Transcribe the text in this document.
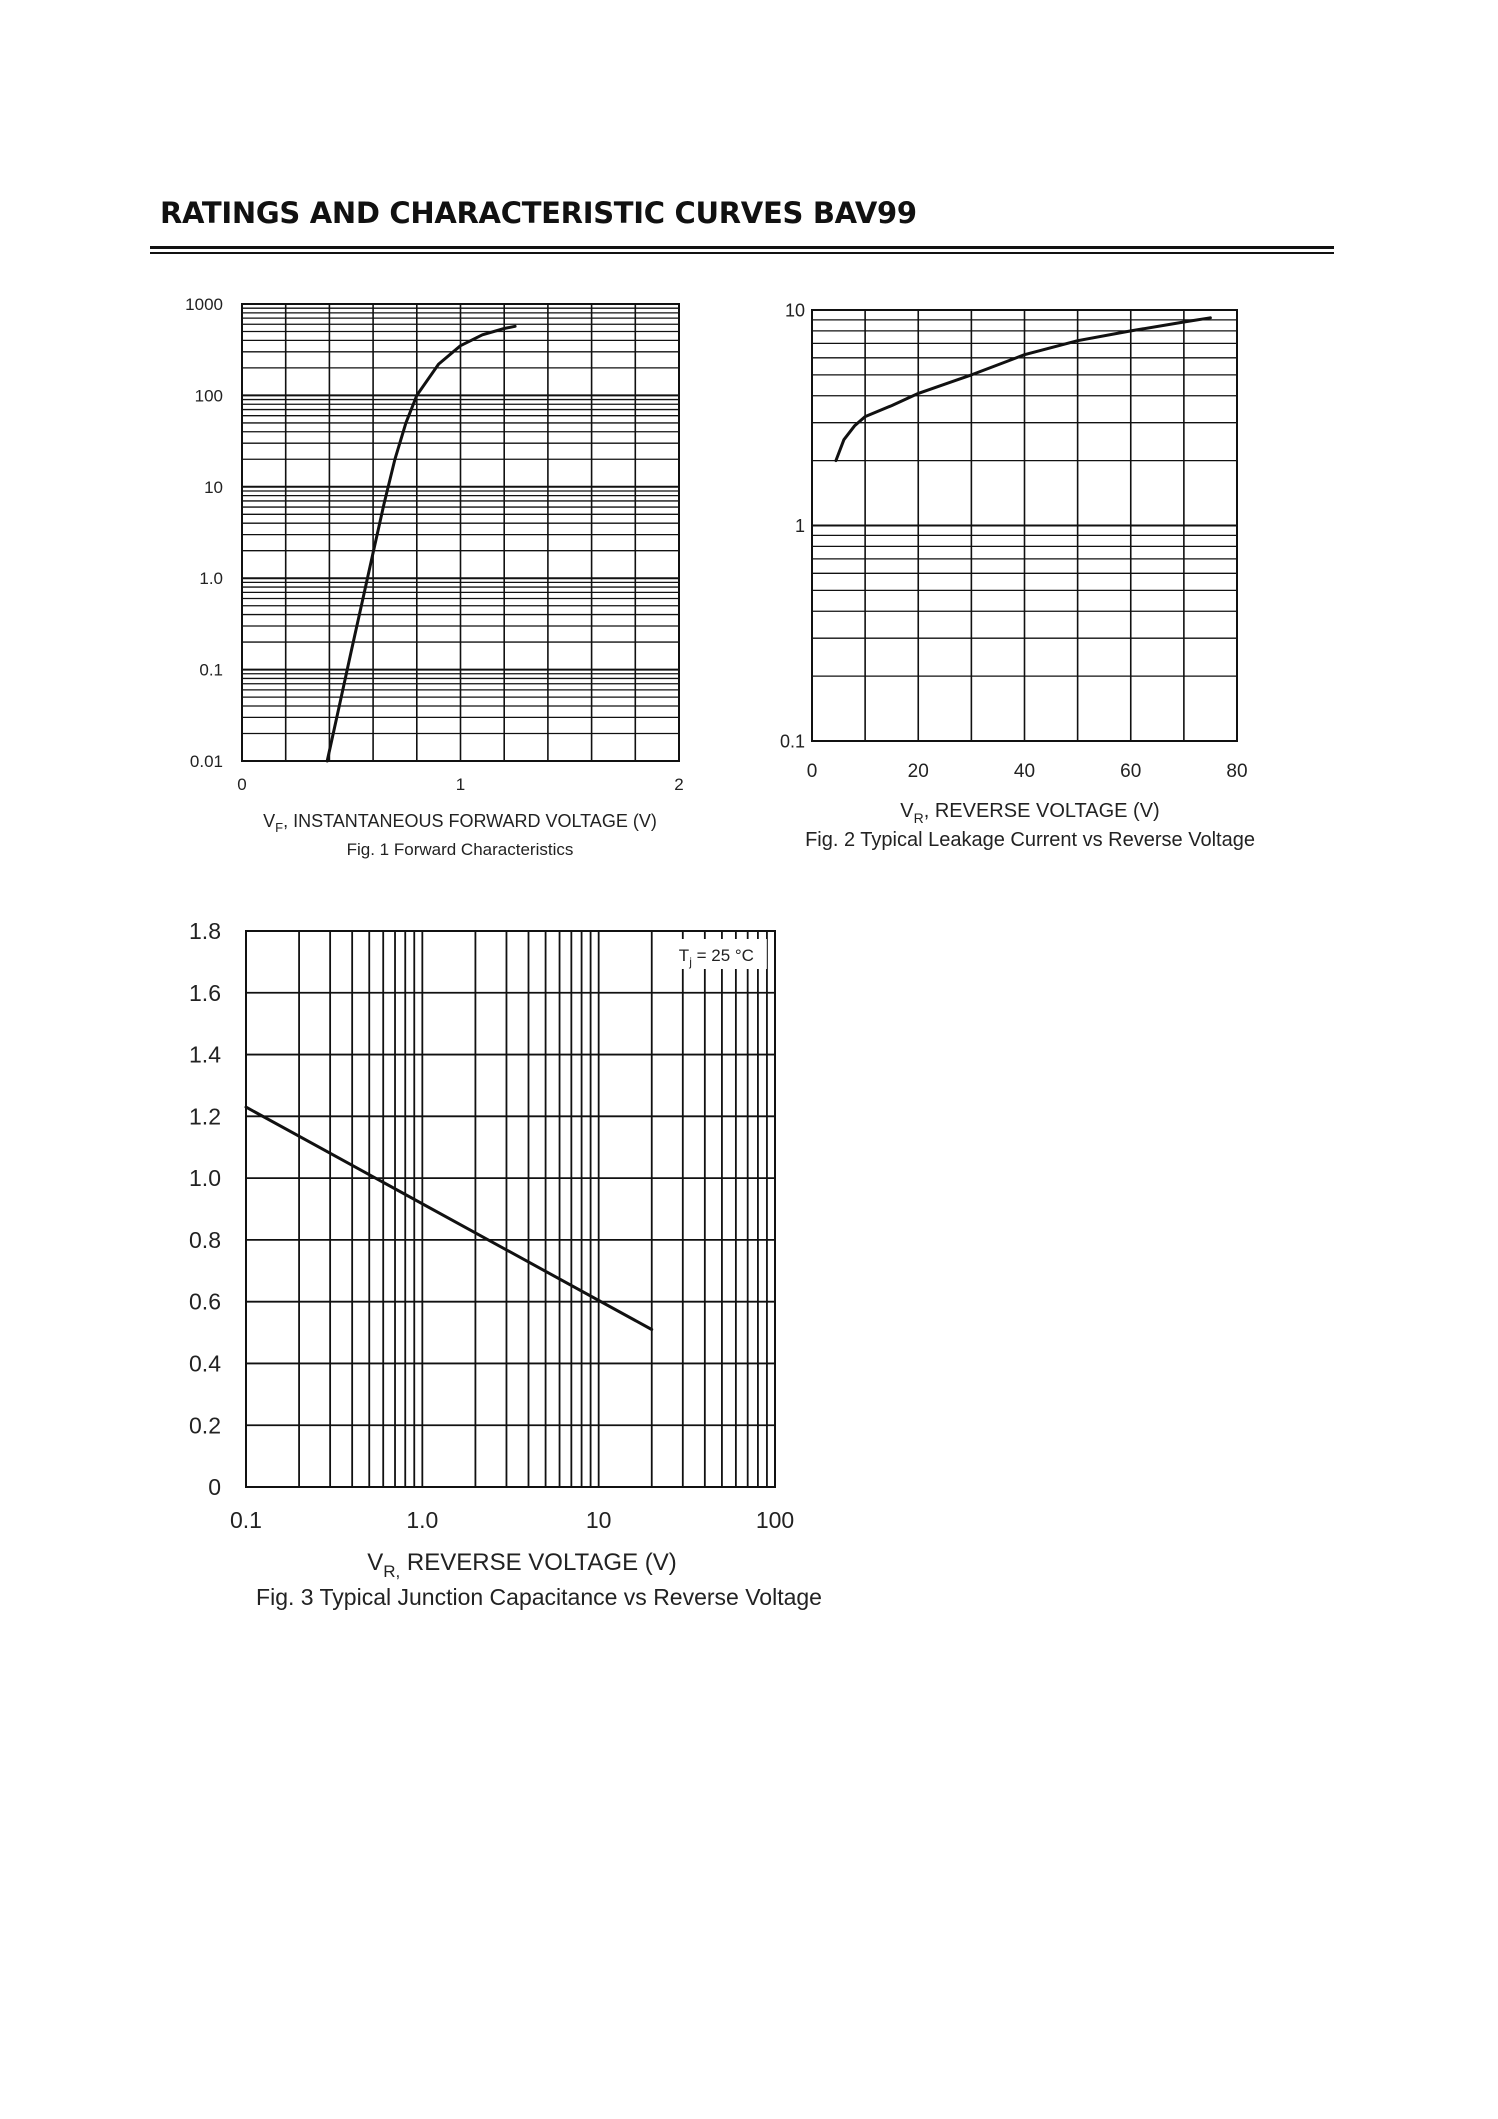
RATINGS AND CHARACTERISTIC CURVES BAV99
0.01
0.1
1.0
10
100
1000
0	1	2
$V_F$, INSTANTANEOUS FORWARD VOLTAGE (V)
Fig. 1 Forward Characteristics
0.1
1
10
0	20	40	60	80
$V_R$, REVERSE VOLTAGE (V)
Fig. 2 Typical Leakage Current vs Reverse Voltage
0
0.2
0.4
0.6
0.8
1.0
1.2
1.4
1.6
1.8
0.1	1.0	10	100
$V_{R,}$ REVERSE VOLTAGE (V)
Fig. 3 Typical Junction Capacitance vs Reverse Voltage
$T_j = 25$ °C
